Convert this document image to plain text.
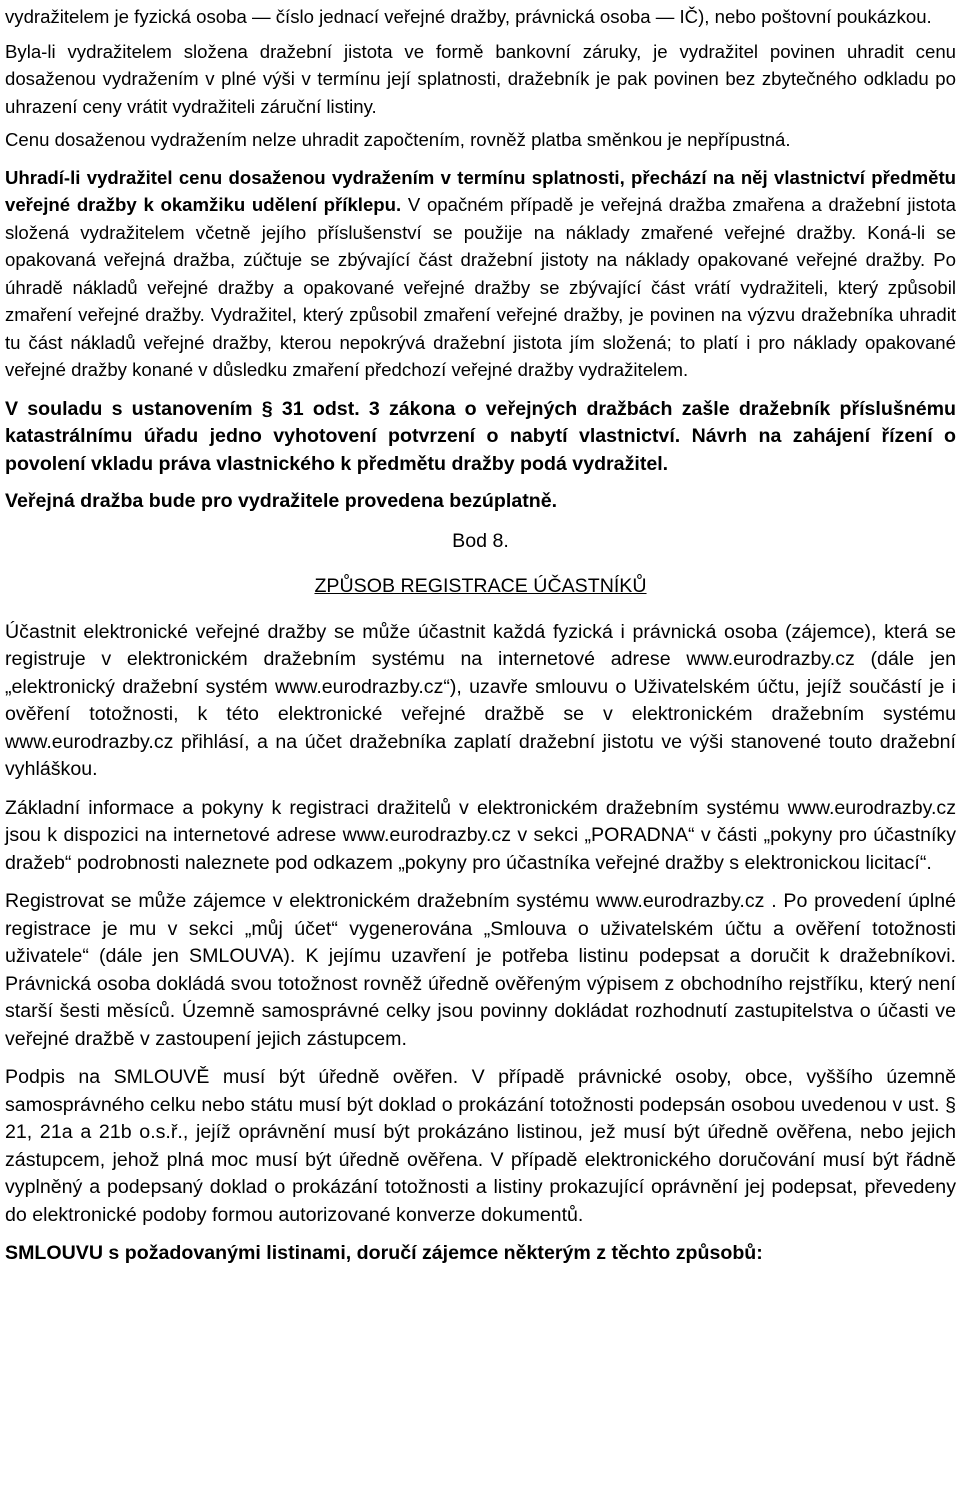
vydražitelem je fyzická osoba — číslo jednací veřejné dražby, právnická osoba — IČ), nebo poštovní poukázkou.

Byla-li vydražitelem složena dražební jistota ve formě bankovní záruky, je vydražitel povinen uhradit cenu dosaženou vydražením v plné výši v termínu její splatnosti, dražebník je pak povinen bez zbytečného odkladu po uhrazení ceny vrátit vydražiteli záruční listiny.

Cenu dosaženou vydražením nelze uhradit započtením, rovněž platba směnkou je nepřípustná.

Uhradí-li vydražitel cenu dosaženou vydražením v termínu splatnosti, přechází na něj vlastnictví předmětu veřejné dražby k okamžiku udělení příklepu. V opačném případě je veřejná dražba zmařena a dražební jistota složená vydražitelem včetně jejího příslušenství se použije na náklady zmařené veřejné dražby. Koná-li se opakovaná veřejná dražba, zúčtuje se zbývající část dražební jistoty na náklady opakované veřejné dražby. Po úhradě nákladů veřejné dražby a opakované veřejné dražby se zbývající část vrátí vydražiteli, který způsobil zmaření veřejné dražby. Vydražitel, který způsobil zmaření veřejné dražby, je povinen na výzvu dražebníka uhradit tu část nákladů veřejné dražby, kterou nepokrývá dražební jistota jím složená; to platí i pro náklady opakované veřejné dražby konané v důsledku zmaření předchozí veřejné dražby vydražitelem.

V souladu s ustanovením § 31 odst. 3 zákona o veřejných dražbách zašle dražebník příslušnému katastrálnímu úřadu jedno vyhotovení potvrzení o nabytí vlastnictví. Návrh na zahájení řízení o povolení vkladu práva vlastnického k předmětu dražby podá vydražitel.

Veřejná dražba bude pro vydražitele provedena bezúplatně.

Bod 8.

ZPŮSOB REGISTRACE ÚČASTNÍKŮ

Účastnit elektronické veřejné dražby se může účastnit každá fyzická i právnická osoba (zájemce), která se registruje v elektronickém dražebním systému na internetové adrese www.eurodrazby.cz (dále jen „elektronický dražební systém www.eurodrazby.cz“), uzavře smlouvu o Uživatelském účtu, jejíž součástí je i ověření totožnosti, k této elektronické veřejné dražbě se v elektronickém dražebním systému www.eurodrazby.cz přihlásí, a na účet dražebníka zaplatí dražební jistotu ve výši stanovené touto dražební vyhláškou.

Základní informace a pokyny k registraci dražitelů v elektronickém dražebním systému www.eurodrazby.cz jsou k dispozici na internetové adrese www.eurodrazby.cz v sekci „PORADNA“ v části „pokyny pro účastníky dražeb“ podrobnosti naleznete pod odkazem „pokyny pro účastníka veřejné dražby s elektronickou licitací“.

Registrovat se může zájemce v elektronickém dražebním systému www.eurodrazby.cz . Po provedení úplné registrace je mu v sekci „můj účet“ vygenerována „Smlouva o uživatelském účtu a ověření totožnosti uživatele“ (dále jen SMLOUVA). K jejímu uzavření je potřeba listinu podepsat a doručit k dražebníkovi. Právnická osoba dokládá svou totožnost rovněž úředně ověřeným výpisem z obchodního rejstříku, který není starší šesti měsíců. Územně samosprávné celky jsou povinny dokládat rozhodnutí zastupitelstva o účasti ve veřejné dražbě v zastoupení jejich zástupcem.

Podpis na SMLOUVĚ musí být úředně ověřen. V případě právnické osoby, obce, vyššího územně samosprávného celku nebo státu musí být doklad o prokázání totožnosti podepsán osobou uvedenou v ust. § 21, 21a a 21b o.s.ř., jejíž oprávnění musí být prokázáno listinou, jež musí být úředně ověřena, nebo jejich zástupcem, jehož plná moc musí být úředně ověřena. V případě elektronického doručování musí být řádně vyplněný a podepsaný doklad o prokázání totožnosti a listiny prokazující oprávnění jej podepsat, převedeny do elektronické podoby formou autorizované konverze dokumentů.

SMLOUVU s požadovanými listinami, doručí zájemce některým z těchto způsobů:
